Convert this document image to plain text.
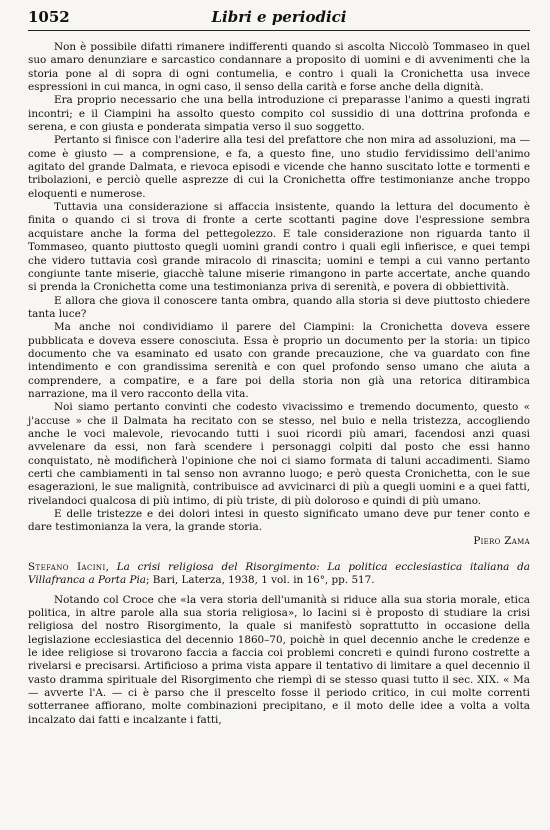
1052	Libri e periodici

Non è possibile difatti rimanere indifferenti quando si ascolta Niccolò Tommaseo in quel suo amaro denunziare e sarcastico condannare a proposito di uomini e di avvenimenti che la storia pone al di sopra di ogni contumelia, e contro i quali la Cronichetta usa invece espressioni in cui manca, in ogni caso, il senso della carità e forse anche della dignità.

Era proprio necessario che una bella introduzione ci preparasse l'animo a questi ingrati incontri; e il Ciampini ha assolto questo compito col sussidio di una dottrina profonda e serena, e con giusta e ponderata simpatia verso il suo soggetto.

Pertanto si finisce con l'aderire alla tesi del prefattore che non mira ad assoluzioni, ma — come è giusto — a comprensione, e fa, a questo fine, uno studio fervidissimo dell'animo agitato del grande Dalmata, e rievoca episodi e vicende che hanno suscitato lotte e tormenti e tribolazioni, e perciò quelle asprezze di cui la Cronichetta offre testimonianze anche troppo eloquenti e numerose.

Tuttavia una considerazione si affaccia insistente, quando la lettura del documento è finita o quando ci si trova di fronte a certe scottanti pagine dove l'espressione sembra acquistare anche la forma del pettegolezzo. E tale considerazione non riguarda tanto il Tommaseo, quanto piuttosto quegli uomini grandi contro i quali egli infierisce, e quei tempi che videro tuttavia così grande miracolo di rinascita; uomini e tempi a cui vanno pertanto congiunte tante miserie, giacchè talune miserie rimangono in parte accertate, anche quando si prenda la Cronichetta come una testimonianza priva di serenità, e povera di obbiettività.

E allora che giova il conoscere tanta ombra, quando alla storia si deve piuttosto chiedere tanta luce?

Ma anche noi condividiamo il parere del Ciampini: la Cronichetta doveva essere pubblicata e doveva essere conosciuta. Essa è proprio un documento per la storia: un tipico documento che va esaminato ed usato con grande precauzione, che va guardato con fine intendimento e con grandissima serenità e con quel profondo senso umano che aiuta a comprendere, a compatire, e a fare poi della storia non già una retorica ditirambica narrazione, ma il vero racconto della vita.

Noi siamo pertanto convinti che codesto vivacissimo e tremendo documento, questo « j'accuse » che il Dalmata ha recitato con se stesso, nel buio e nella tristezza, accogliendo anche le voci malevole, rievocando tutti i suoi ricordi più amari, facendosi anzi quasi avvelenare da essi, non farà scendere i personaggi colpiti dal posto che essi hanno conquistato, nè modificherà l'opinione che noi ci siamo formata di taluni accadimenti. Siamo certi che cambiamenti in tal senso non avranno luogo; e però questa Cronichetta, con le sue esagerazioni, le sue malignità, contribuisce ad avvicinarci di più a quegli uomini e a quei fatti, rivelandoci qualcosa di più intimo, di più triste, di più doloroso e quindi di più umano.

E delle tristezze e dei dolori intesi in questo significato umano deve pur tener conto e dare testimonianza la vera, la grande storia.

Piero Zama
Stefano Iacini, La crisi religiosa del Risorgimento: La politica ecclesiastica italiana da Villafranca a Porta Pia; Bari, Laterza, 1938, 1 vol. in 16°, pp. 517.

Notando col Croce che «la vera storia dell'umanità si riduce alla sua storia morale, etica politica, in altre parole alla sua storia religiosa», lo Iacini si è proposto di studiare la crisi religiosa del nostro Risorgimento, la quale si manifestò soprattutto in occasione della legislazione ecclesiastica del decennio 1860–70, poichè in quel decennio anche le credenze e le idee religiose si trovarono faccia a faccia coi problemi concreti e quindi furono costrette a rivelarsi e precisarsi. Artificioso a prima vista appare il tentativo di limitare a quel decennio il vasto dramma spirituale del Risorgimento che riempì di se stesso quasi tutto il sec. XIX. « Ma — avverte l'A. — ci è parso che il prescelto fosse il periodo critico, in cui molte correnti sotterranee affiorano, molte combinazioni precipitano, e il moto delle idee a volta a volta incalzato dai fatti e incalzante i fatti,
